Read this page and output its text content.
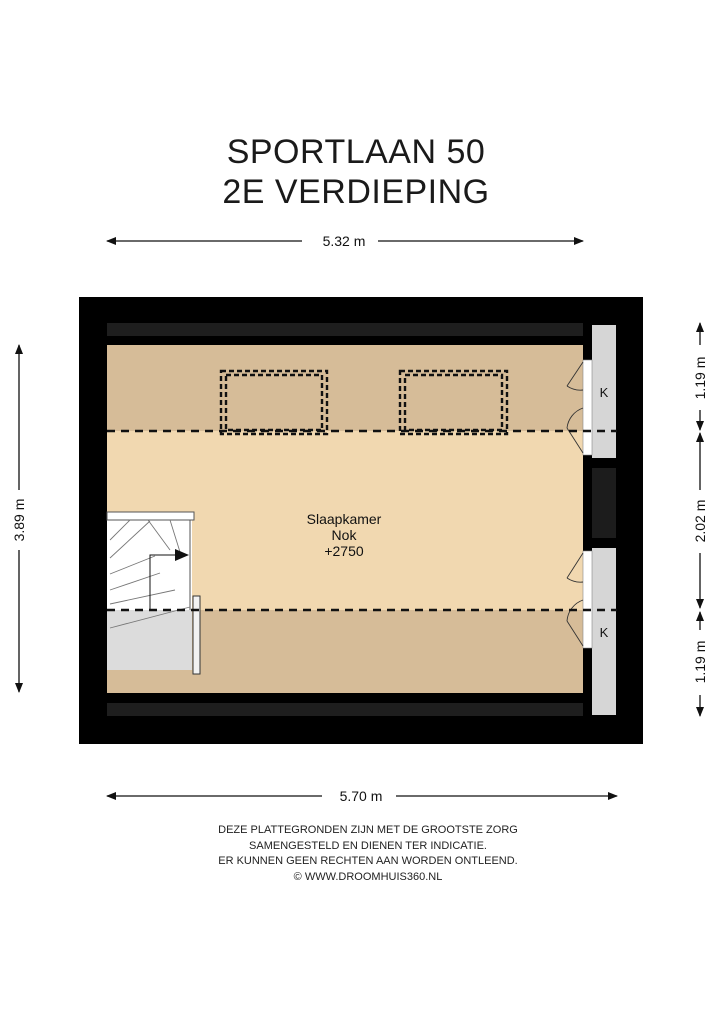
SPORTLAAN 50
2E VERDIEPING
5.32 m
K
K
Slaapkamer
Nok
+2750
3.89 m
1.19 m
2.02 m
1.19 m
5.70 m
DEZE PLATTEGRONDEN ZIJN MET DE GROOTSTE ZORG
SAMENGESTELD EN DIENEN TER INDICATIE.
ER KUNNEN GEEN RECHTEN AAN WORDEN ONTLEEND.
© WWW.DROOMHUIS360.NL
